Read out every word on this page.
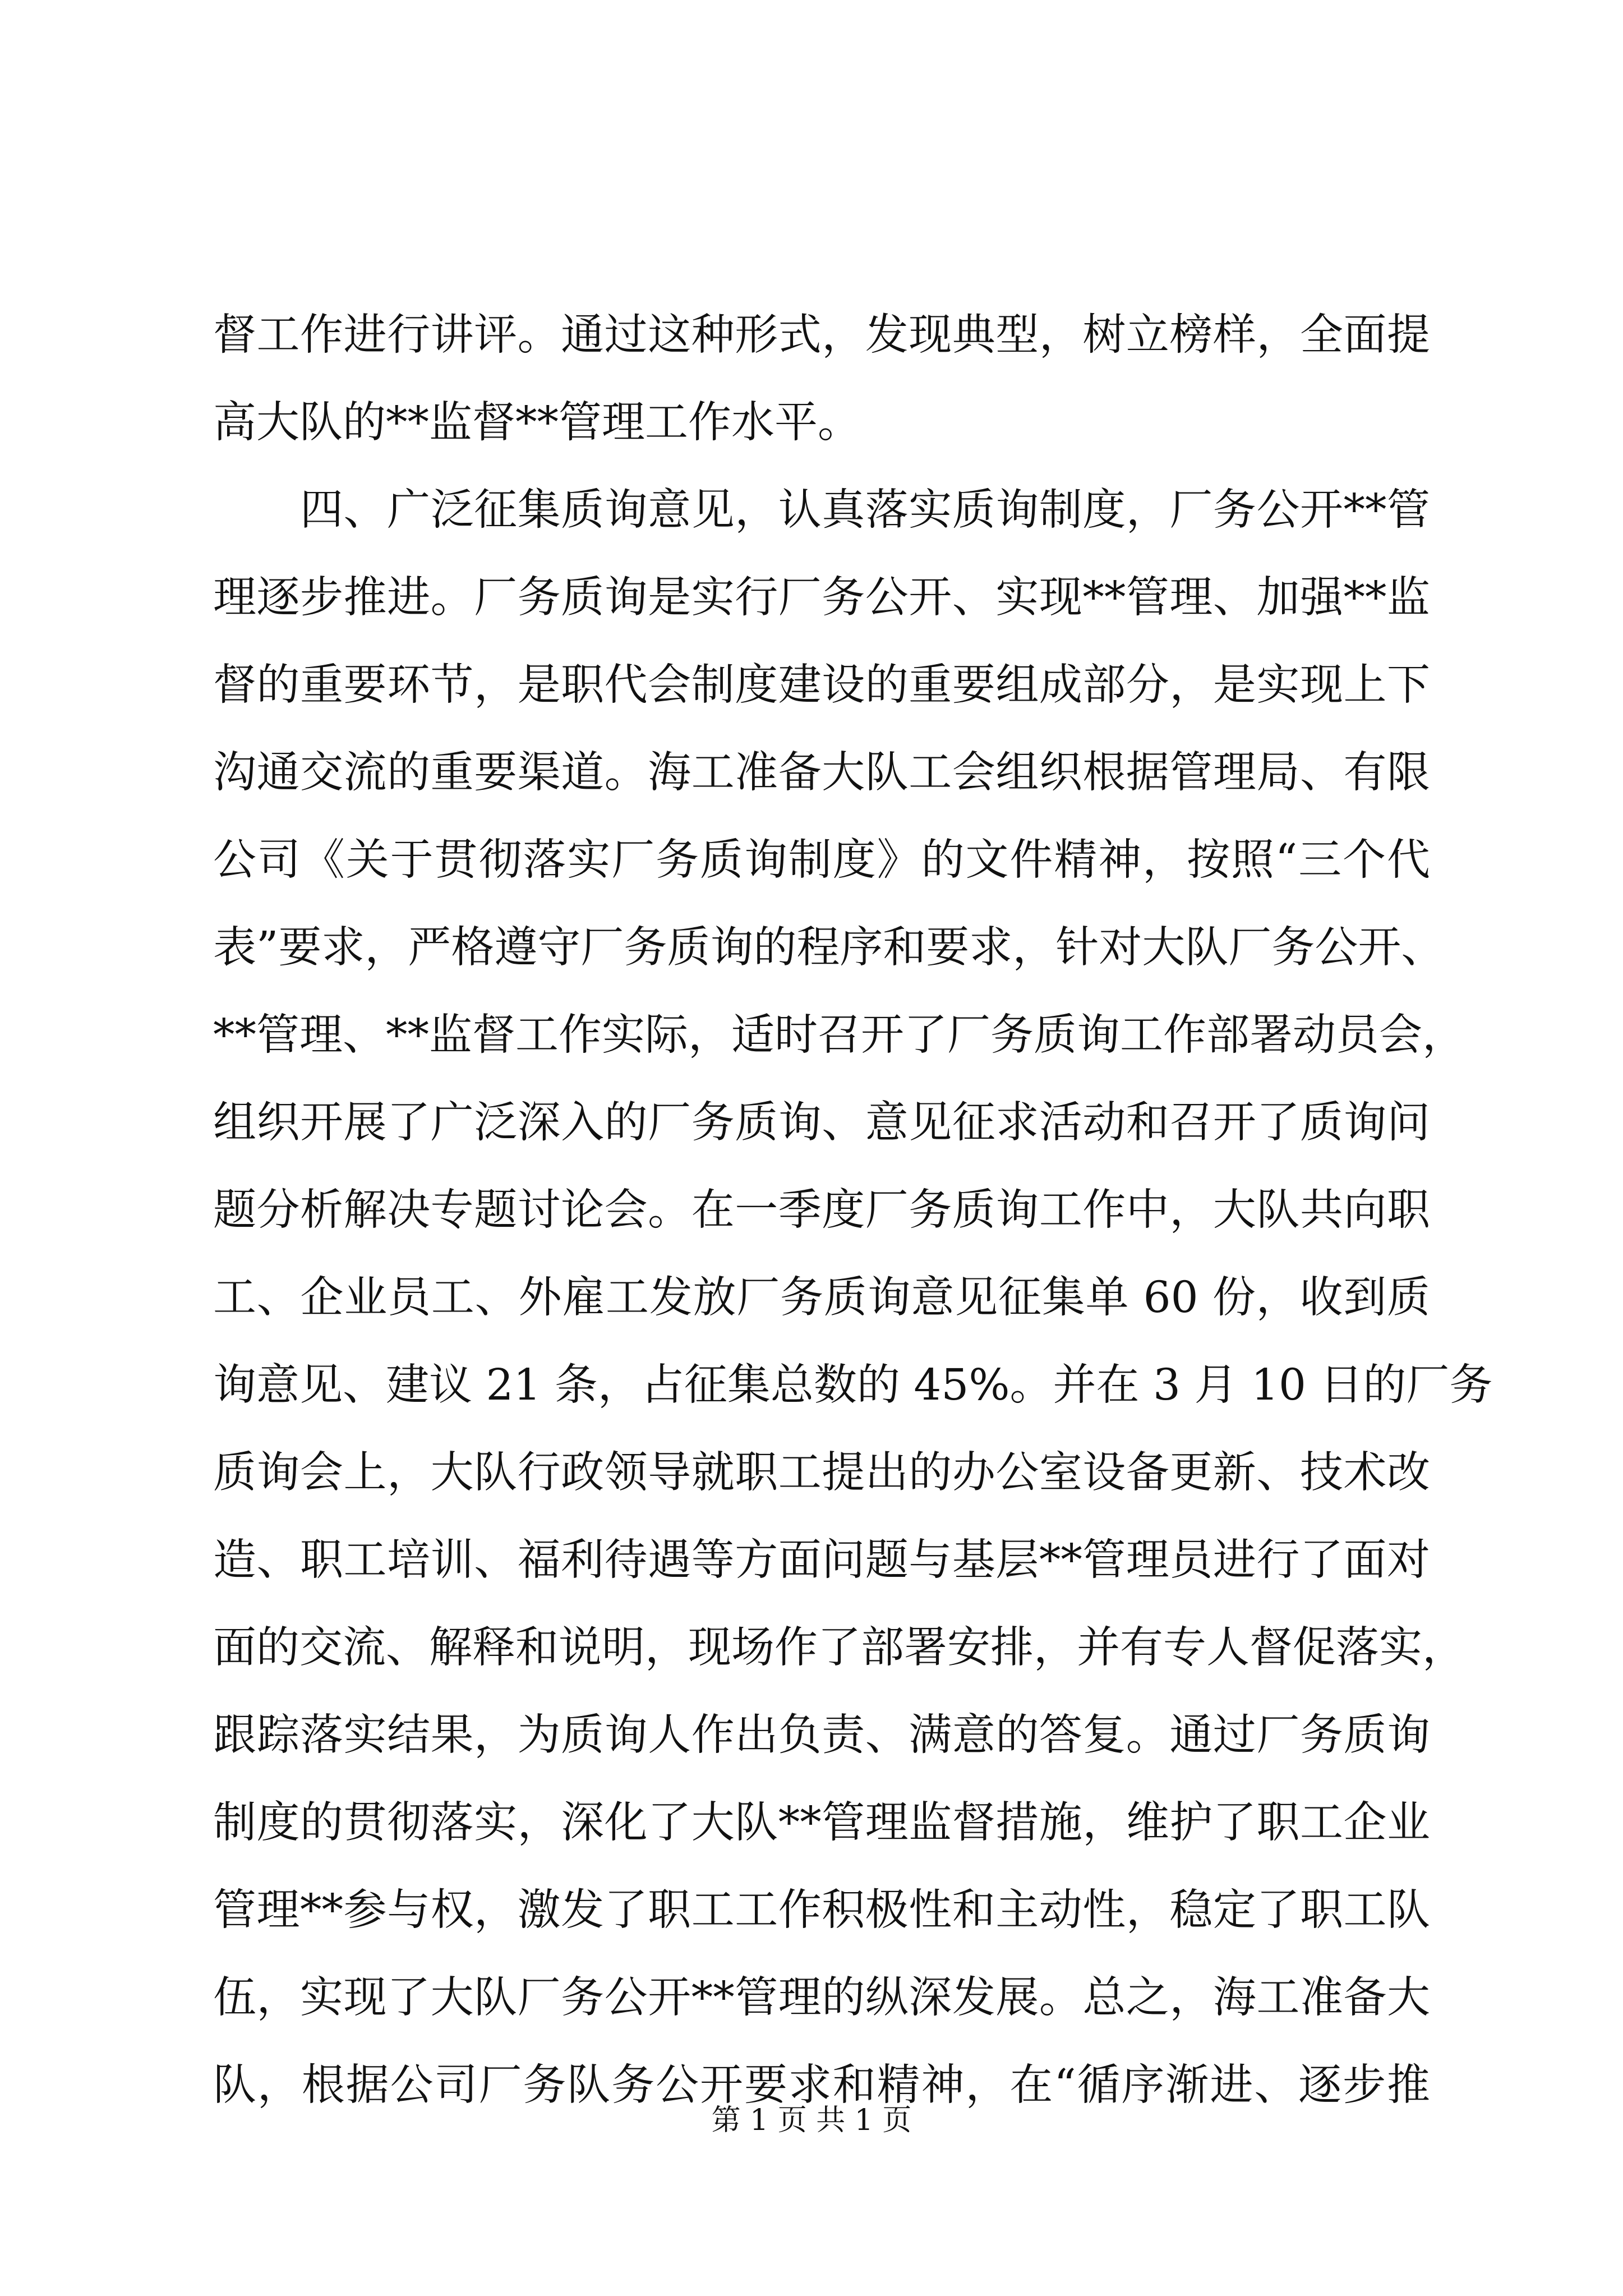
督工作进行讲评。通过这种形式，发现典型，树立榜样，全面提
高大队的**监督**管理工作水平。
　　四、广泛征集质询意见，认真落实质询制度，厂务公开**管
理逐步推进。厂务质询是实行厂务公开、实现**管理、加强**监
督的重要环节，是职代会制度建设的重要组成部分，是实现上下
沟通交流的重要渠道。海工准备大队工会组织根据管理局、有限
公司《关于贯彻落实厂务质询制度》的文件精神，按照“三个代
表”要求，严格遵守厂务质询的程序和要求，针对大队厂务公开、
**管理、**监督工作实际，适时召开了厂务质询工作部署动员会，
组织开展了广泛深入的厂务质询、意见征求活动和召开了质询问
题分析解决专题讨论会。在一季度厂务质询工作中，大队共向职
工、企业员工、外雇工发放厂务质询意见征集单 60 份，收到质
询意见、建议 21 条，占征集总数的 45%。并在 3 月 10 日的厂务
质询会上，大队行政领导就职工提出的办公室设备更新、技术改
造、职工培训、福利待遇等方面问题与基层**管理员进行了面对
面的交流、解释和说明，现场作了部署安排，并有专人督促落实，
跟踪落实结果，为质询人作出负责、满意的答复。通过厂务质询
制度的贯彻落实，深化了大队**管理监督措施，维护了职工企业
管理**参与权，激发了职工工作积极性和主动性，稳定了职工队
伍，实现了大队厂务公开**管理的纵深发展。总之，海工准备大
队，根据公司厂务队务公开要求和精神，在“循序渐进、逐步推
第 1 页 共 1 页
